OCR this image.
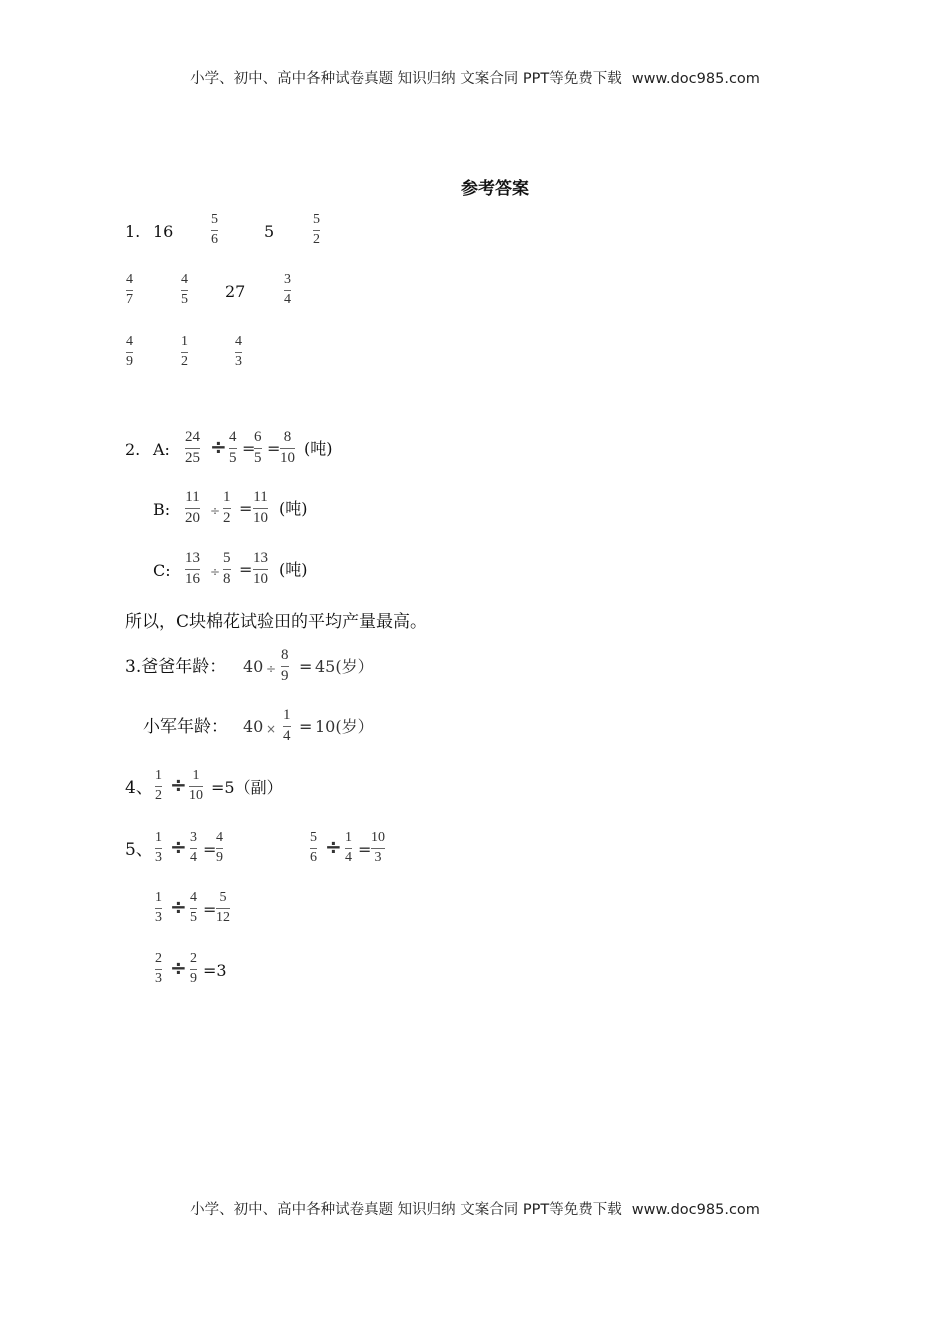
小学、初中、高中各种试卷真题 知识归纳 文案合同 PPT等免费下载 www.doc985.com
小学、初中、高中各种试卷真题 知识归纳 文案合同 PPT等免费下载 www.doc985.com
参考答案
1. 16
5
6	5
5
2
4
7
4
5 27
3
4
4
9
1
2
4
3
2. A:
24
25 ÷ 4
5 =
6
5 =
8
10 (吨)
B:
11
20 ÷
1
2 =
11
10 (吨)
C:
13
16 ÷
5
8 =
13
10 (吨)
所以，C块棉花试验田的平均产量最高。
3.爸爸年龄： 40 ÷
8
9 = 45(岁）
小军年龄： 40 ×
1
4 = 10(岁）
4、
1
2 ÷ 1
10 =5（副）
5、
1
3 ÷ 3
4 =
4
9
5
6 ÷ 1
4 =
10
3
1
3 ÷ 4
5 =
5
12
2
3 ÷ 2
9 =3
